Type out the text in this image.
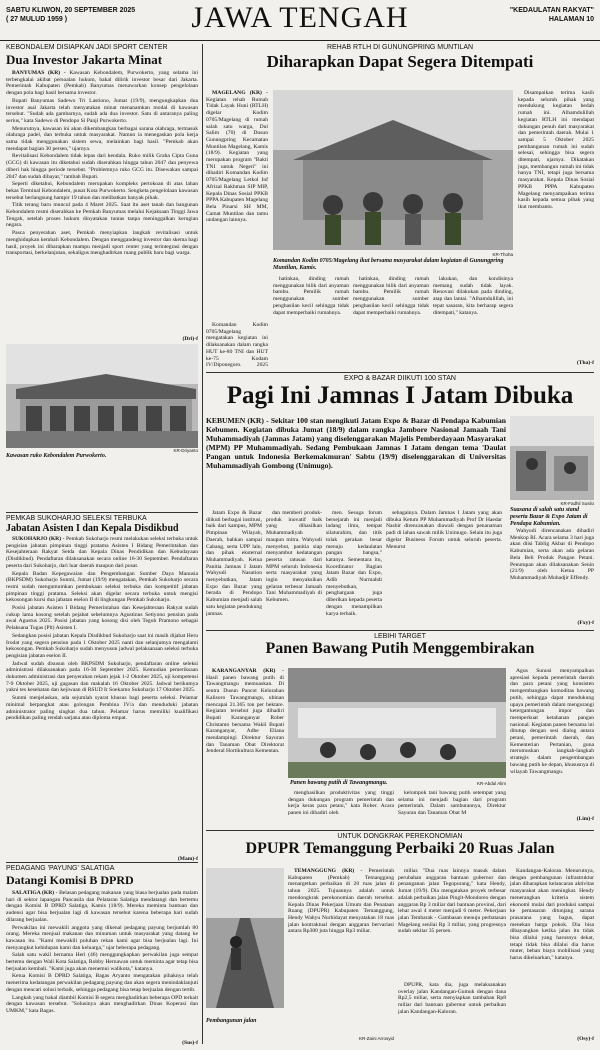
SABTU KLIWON, 20 SEPTEMBER 2025
( 27 MULUD 1959 )	JAWA TENGAH	"KEDAULATAN RAKYAT"
HALAMAN 10
KEBONDALEM DISIAPKAN JADI SPORT CENTER
Dua Investor Jakarta Minat

BANYUMAS (KR) - Kawasan Kebondalem, Purwokerto, yang selama ini terbengkalai akibat persoalan hukum, bakal dilirik investor besar dari Jakarta. Pemerintah Kabupaten (Pemkab) Banyumas menawarkan konsep pengelolaan dengan pola bagi hasil bersama investor.

Bupati Banyumas Sadewo Tri Lastiono, Jumat (19/9), mengungkapkan dua investor asal Jakarta telah menyatakan minat menanamkan modal di kawasan tersebut. "Sudah ada gambarnya, sudah ada dua investor. Satu di antaranya paling serius," kata Sadewo di Pendopo Si Panji Purwokerto.

Menurutnya, kawasan ini akan dikembangkan berbagai sarana olahraga, termasuk olahraga padel, dan terbuka untuk masyarakat. Namun ia menegaskan pola kerja sama tidak menggunakan sistem sewa, melainkan bagi hasil. "Pemkab akan mendapat bagian 30 persen," ujarnya.

Revitalisasi Kebondalem tidak lepas dari kendala. Ruko milik Graha Cipta Guna (GCG) di kawasan itu diketahui sudah diserahkan hingga tahun 2047 dan penyewa diberi hak hingga periode tersebut. "Problemnya ruko GCG itu. Disewakan sampai 2047 dan sudah dibayar," tambah Bupati.

Seperti diketahui, Kebondalem merupakan kompleks pertokoan di atas lahan bekas Terminal Kebondalem, pusat Kota Purwokerto. Sengketa pengelolaan kawasan tersebut berlangsung hampir 19 tahun dan melibatkan banyak pihak.

Titik terang baru muncul pada 4 Maret 2025. Saat itu aset tanah dan bangunan Kebondalem resmi diserahkan ke Pemkab Banyumas melalui Kejaksaan Tinggi Jawa Tengah, setelah proses hukum dinyatakan tuntas tanpa meninggalkan kerugian negara.

Pasca penyerahan aset, Pemkab menyiapkan langkah revitalisasi untuk menghidupkan kembali Kebondalem. Dengan menggandeng investor dan skema bagi hasil, proyek ini diharapkan mampu menjadi sport center yang terintegrasi dengan transportasi, berkelanjutan, sekaligus menghadirkan ruang publik baru bagi warga.

(Dri)-f
KR-Driyanto
Kawasan ruko Kebondalem Purwokerto.
PEMKAB SUKOHARJO SELEKSI TERBUKA
Jabatan Asisten I dan Kepala Disdikbud

SUKOHARJO (KR) - Pemkab Sukoharjo resmi melakukan seleksi terbuka untuk pengisian jabatan pimpinan tinggi pratama Asisten I Bidang Pemerintahan dan Kesejahteraan Rakyat Setda dan Kepala Dinas Pendidikan dan Kebudayaan (Disdikbud). Pendaftaran dilaksanakan secara online 16-30 September. Pendaftaran peserta dari Sukoharjo, dari luar daerah maupun dari pusat.

Kepala Badan Kepegawaian dan Pengembangan Sumber Daya Manusia (BKPSDM) Sukoharjo Sunmi, Jumat (19/9) mengatakan, Pemkab Sukoharjo secara resmi sudah mengumumkan pembukaan seleksi terbuka dan kompetitif jabatan pimpinan tinggi pratama. Seleksi akan digelar secara terbuka untuk mengisi kekosongan kursi dua jabatan eselon II di lingkungan Pemkab Sukoharjo.

Posisi jabatan Asisten I Bidang Pemerintahan dan Kesejahteraan Rakyat sudah cukup lama kosong setelah pejabat sebelumnya Agustinus Setiyono pensiun pada awal Agustus 2025. Posisi jabatan yang kosong disi oleh Teguh Pramono sebagai Pelaksana Tugas (Plt) Asisten I.

Sedangkan posisi jabatan Kepala Disdikbud Sukoharjo saat ini masih dijabat Heru Irodat yang segera pensiun pada 1 Oktober 2025 nanti dan selanjutnya mengalami kekosongan. Pemkab Sukoharjo sudah menyusun jadwal pelaksanaan seleksi terbuka pengisian jabatan eselon II.

Jadwal sudah disusun oleh BKPSDM Sukoharjo, pendaftaran online seleksi administrasi dilaksanakan pada 16-30 September 2025. Kemudian pemeriksaan dokumen administrasi dan penyerahan rekam jejak 1-2 Oktober 2025, uji kompetensi 7-9 Oktober 2025, uji gagasan dan makalah 16 Oktober 2025. Jadwal berikutnya yakni tes kesehatan dan kejiwaan di RSUD Ir Soekarno Sukoharjo 17 Oktober 2025.

Sunmi menjelaskan, ada sejumlah syarat khusus bagi peserta seleksi. Pelamar minimal berpangkat atau golongan Pembina IV/a dan menduduki jabatan administrator paling singkat dua tahun. Pelamar harus memiliki kualifikasi pendidikan paling rendah sarjana atau diploma empat.

(Mam)-f
PEDAGANG 'PAYUNG' SALATIGA
Datangi Komisi B DPRD

SALATIGA (KR) - Belasan pedagang makanan yang biasa berjualan pada malam hari di sektor lapangan Pancasila dan Pelataran Salatiga mendatangi dan bertemu dengan Komisi B DPRD Salatiga, Kamis (18/9). Mereka meminta bantuan dan audensi agar bisa berjualan lagi di kawasan tersebut karena beberapa hari sudah dilarang berjualan.

Perwakilan ini mewakili anggota yang dikenal pedagang payung berjumlah 80 orang. Mereka menjual makanan dan minuman untuk masyarakat yang datang ke kawasan itu. "Kami mewakili puluhan rekan kami agar bisa berjualan lagi. Ini menyangkut kehidupan kami dan keluarga," ujar beberapa pedagang.

Salah satu wakil bernama Heri (46) menggungkapkan perwakilan juga sempat bertemu dengan Wali Kota Salatiga, Robby Hernawan untuk meminta agar tetap bisa berjualan kembali. "Kami juga akan menemui walikota," katanya.

Ketua Komisi B DPRD Salatiga, Bagas Aryanto mengatakan pihaknya telah menerima kedatangan perwakilan pedagang payung dan akan segera menindaklanjuti dengan mencari solusi terbaik, sehingga pedagang bisa tetap berjualan dengan tertib.

Langkah yang bakal diambil Komisi B segera menghadirkan beberapa OPD terkait dengan kawasan tersebut. "Solusinya akan menghadirkan Dinas Koperasi dan UMKM," kata Bagas.

(Sus)-f
REHAB RTLH DI GUNUNGPRING MUNTILAN
Diharapkan Dapat Segera Ditempati

MAGELANG (KR) - Kegiatan rehab Rumah Tidak Layak Huni (RTLH) digelar Kodim 0705/Magelang di rumah salah satu warga, Dul Salim (70) di Dusun Gunungpring Kecamatan Muntilan Magelang, Kamis (18/9). Kegiatan yang merupakan program "Bakti TNI untuk Negeri" ini dihadiri Komandan Kodim 0705/Magelang Letkol Inf Afrizal Rakhman SIP MIP, Kepala Dinas Sosial PPKB PPPA Kabupaten Magelang Bela Pinarsi SH MM, Camat Muntilan dan tamu undangan lainnya.

Komandan Kodim 0705/Magelang mengatakan kegiatan ini dilaksanakan dalam rangka HUT ke-80 TNI dan HUT ke-75 Kodam IV/Diponegoro. 2025

KR-Thoha
Komandan Kodim 0705/Magelang ikut bersama masyarakat dalam kegiatan di Gunungpring Muntilan, Kamis.

hatinkan, dinding rumah menggunakan bilik dari anyaman bambu. Pemilik rumah menggunakan sumber penghasilan kecil sehingga tidak dapat memperbaiki rumahnya.

hatinkan, dinding rumah menggunakan bilik dari anyaman bambu. Pemilik rumah menggunakan sumber penghasilan kecil sehingga tidak dapat memperbaiki rumahnya.

lakukan, dan kondisinya memang sudah tidak layak. Renovasi dilakukan pada dinding, atap dan lantai. "Alhamdulillah, ini tepat sasaran, kita berharap segera ditempati," katanya.

Disampaikan terima kasih kepada seluruh pihak yang mendukung kegiatan bedah rumah ini. Alhamdulillah kegiatan RTLH ini mendapat dukungan penuh dari masyarakat dan pemerintah daerah. Mulai 1 sampai 5 Oktober 2025 pembangunan rumah ini sudah selesai, sehingga bisa segera ditempati, ujarnya. Dikatakan juga, membangun rumah ini tidak hanya TNI, tetapi juga bersama masyarakat. Kepala Dinas Sosial PPKB PPPA Kabupaten Magelang menyampaikan terima kasih kepada semua pihak yang ikut membantu.

(Tha)-f
EXPO & BAZAR DIIKUTI 100 STAN
Pagi Ini Jamnas I Jatam Dibuka
KEBUMEN (KR) - Sekitar 100 stan mengikuti Jatam Expo & Bazar di Pendapa Kabumian Kebumen. Kegiatan dibuka Jumat (18/9) dalam rangka Jambore Nasional Jamaah Tani Muhammadiyah (Jamnas Jatam) yang diselenggarakan Majelis Pemberdayaan Masyarakat (MPM) PP Muhammadiyah. Sedang Pembukaan Jamnas I Jatam dengan tema 'Daulat Pangan untuk Indonesia Berkemakmuran' Sabtu (19/9) diselenggarakan di Universitas Muhammadiyah Gombong (Unimugo).
KR-Fadhil Susilo
Suasana di salah satu stand peserta Bazar & Expo Jatam di Pendapa Kabumian.

Jatam Expo & Bazar diikuti berbagai institusi, baik dari kampus, MPM Pimpinan Wilayah, Daerah, bahkan sampai Cabang, serta UPP lain, dan pihak eksternal Muhammadiyah. Ketua Panitia Jamnas I Jatam Wahyudi Nasution menyebutkan, Jatam Expo dan Bazar yang berada di Pendopo Kabumian menjadi salah satu kegiatan pendukung jamnas.

dan memberi produk-produk inovatif baik yang dihasilkan Muhammadiyah maupun mitra. Wahyudi menyebut, panitia siap menyambut kedatangan peserta ratusan dari MPM seluruh Indonesia serta masyarakat yang ingin menyaksikan gelaran terbesar Jamaah Tani Muhammadiyah di Kebumen.

men. Sesuga forum bersejarah ini menjadi ladang ilmu, tempat silaturahim, dan titik tolak gerakan besar menuju kedaulatan pangan bangsa," katanya. Sementara itu, Koordinator Bagian Jatam Bazar dan Expo, Adib Nurmahdi menyebutkan, penghargaan juga diberikan kepada peserta dengan menampilkan karya terbaik.

sebagainya. Dalam Jamnas I Jatam yang akan dibuka Ketum PP Muhammadiyah Prof Dr Haedar Nashir direncanakan diawali dengan penanaman padi di lahan sawah milik Unimugo. Selain itu juga digelar Business Forum untuk seluruh peserta. Menurut

Wahyudi direncanakan dihadiri Menkop RI. Acara selama 3 hari juga akan diisi Tablig Akbar di Pendopo Kabumian, serta akan ada gelaran Bela Beli Produk Pangan Petani. Penutupan akan dilaksanakan Senin (21/9) oleh Ketua PP Muhammadiyah Muhadjir Effendy.

(Fxy)-f
LEBIHI TARGET
Panen Bawang Putih Menggembirakan

KARANGANYAR (KR) - Hasil panen bawang putih di Tawangmangu memuaskan. Di sentra Dusun Pancot Kelurahan Kalisoro Tawangmangu, ubinan mencapai 21.365 ton per hektare. Kegiatan tersebut juga dihadiri Bupati Karanganyar Rober Christanto bersama Wakil Bupati Karanganyar, Adhe Eliana mendampingi Direktur Sayuran dan Tanaman Obat Direktorat Jenderal Hortikultura Kementan.

Panen bawang putih di Tawangmangu.	KR-Abdul Alim

menghasilkan produktivitas yang tinggi dengan dukungan program pemerintah dan kerja keras para petani," kata Rober. Acara panen ini dihadiri oleh

kelompok tani bawang putih setempat yang selama ini menjadi bagian dari program pemerintah. Dalam sambutannya, Direktur Sayuran dan Tanaman Obat M

Agus Sunusi menyampaikan apresiasi kepada pemerintah daerah dan para petani yang konsisten mengembangkan komoditas bawang putih, sehingga dapat mendukung upaya pemerintah dalam mengurangi ketergantungan impor dan memperkuat ketahanan pangan nasional. Kegiatan panen bersama ini ditutup dengan sesi dialog antara petani, pemerintah daerah, dan Kementerian Pertanian, guna merumuskan langkah-langkah strategis dalam pengembangan bawang putih ke depan, khususnya di wilayah Tawangmangu.

(Lim)-f
UNTUK DONGKRAK PEREKONOMIAN
DPUPR Temanggung Perbaiki 20 Ruas Jalan
Pembangunan jalan
KR-Zaini Arrosyid

TEMANGGUNG (KR) - Pemerintah Kabupaten (Pemkab) Temanggung menargetkan perbaikan di 20 ruas jalan di tahun 2025. Tujuannya adalah untuk mendongkrak perekonomian daerah tersebut. Kepala Dinas Pekerjaan Umum dan Penataan Ruang (DPUPR) Kabupaten Temanggung, Hendy Wahyu Nurhidayat menyatakan 18 ruas jalan kontraktual dengan anggaran bervariasi antara Rp300 juta hingga Rp3 miliar.

miliar. "Dua ruas lainnya masuk dalam perubahan anggaran bantuan gubernur dan penanganan jalan Tegopurang," kata Hendy, Jumat (19/9). Dia mengatakan proyek terbesar adalah perbaikan jalan Pingit-Mondoreo dengan anggaran Rp 3 miliar dari bantuan provinsi, dari lebar awal 4 meter menjadi 6 meter. Pekerjaan jalan Tembarak - Gambasan menuju perbatasan Magelang senilai Rp 3 miliar, yang progresnya sudah sekitar 35 persen.

DPUPR, kata dia, juga melaksanakan overlay jalan Kandangan-Gumuk dengan dana Rp2,5 miliar, serta menyiapkan tambahan Rp8 miliar dari bantuan gubernur untuk perbaikan jalan Kandangan-Kaloran.

Kandangan-Kaloran. Menurutnya, dengan pembangunan infrastruktur jalan diharapkan kelancaran aktivitas masyarakat akan meningkat. Hendy menerangkan kriteria sistem ekonomi mulai dari produksi sampai ke pemasaran ditunjang sarana prasarana yang bagus, dapat menekan harga pokok. Dia bisa dibayangkan ketika jalan itu tidak bisa dilalui yang harusnya dekat, tetapi tidak bisa dilalui dia harus muter, beban biaya mobilisasi yang harus dikeluarkan," katanya.

(Osy)-f
